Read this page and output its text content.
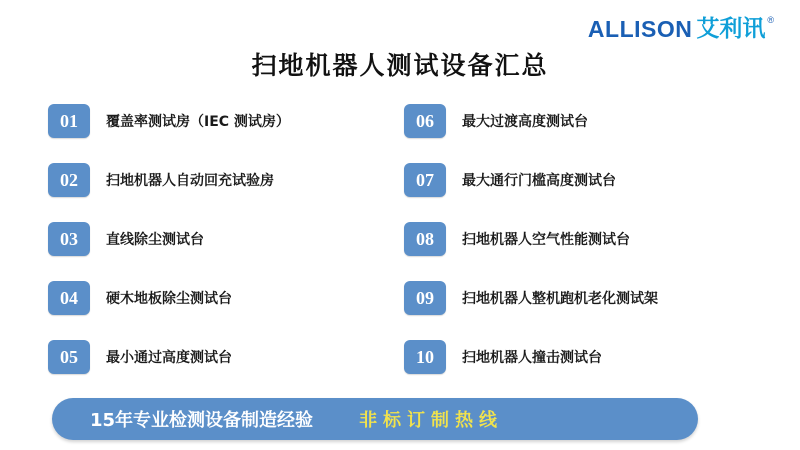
ALLISON 艾利讯 ®
扫地机器人测试设备汇总
01	覆盖率测试房（IEC 测试房）
02	扫地机器人自动回充试验房
03	直线除尘测试台
04	硬木地板除尘测试台
05	最小通过高度测试台
06	最大过渡高度测试台
07	最大通行门槛高度测试台
08	扫地机器人空气性能测试台
09	扫地机器人整机跑机老化测试架
10	扫地机器人撞击测试台
15年专业检测设备制造经验	非标订制热线
